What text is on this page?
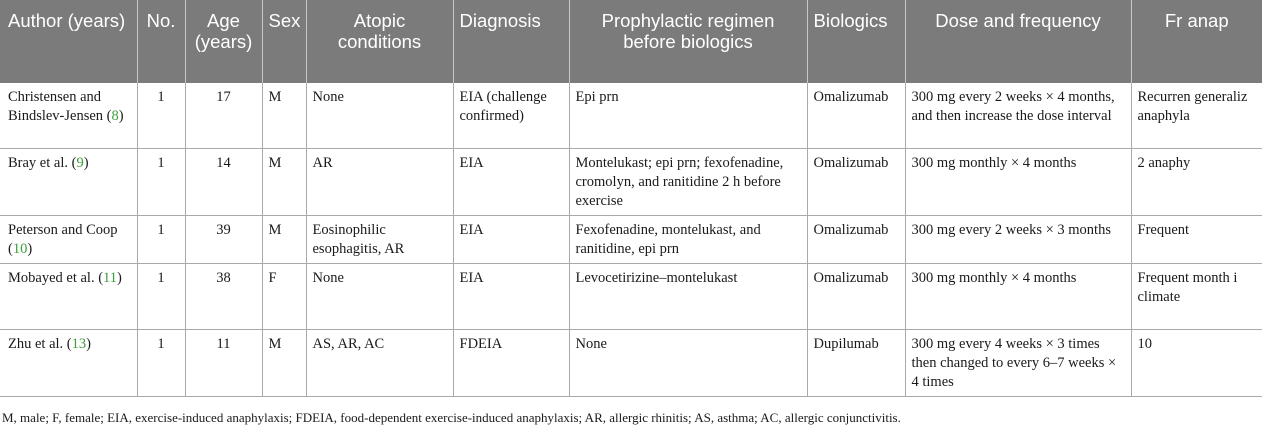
Author (years)	No.	Age (years)	Sex	Atopic conditions	Diagnosis	Prophylactic regimen before biologics	Biologics	Dose and frequency	Fr anap
Christensen and Bindslev-Jensen (8)	1	17	M	None	EIA (challenge confirmed)	Epi prn	Omalizumab	300 mg every 2 weeks × 4 months, and then increase the dose interval	Recurren generaliz anaphyla
Bray et al. (9)	1	14	M	AR	EIA	Montelukast; epi prn; fexofenadine, cromolyn, and ranitidine 2 h before exercise	Omalizumab	300 mg monthly × 4 months	2 anaphy
Peterson and Coop (10)	1	39	M	Eosinophilic esophagitis, AR	EIA	Fexofenadine, montelukast, and ranitidine, epi prn	Omalizumab	300 mg every 2 weeks × 3 months	Frequent
Mobayed et al. (11)	1	38	F	None	EIA	Levocetirizine–montelukast	Omalizumab	300 mg monthly × 4 months	Frequent month i climate
Zhu et al. (13)	1	11	M	AS, AR, AC	FDEIA	None	Dupilumab	300 mg every 4 weeks × 3 times then changed to every 6–7 weeks × 4 times	10
M, male; F, female; EIA, exercise-induced anaphylaxis; FDEIA, food-dependent exercise-induced anaphylaxis; AR, allergic rhinitis; AS, asthma; AC, allergic conjunctivitis.
